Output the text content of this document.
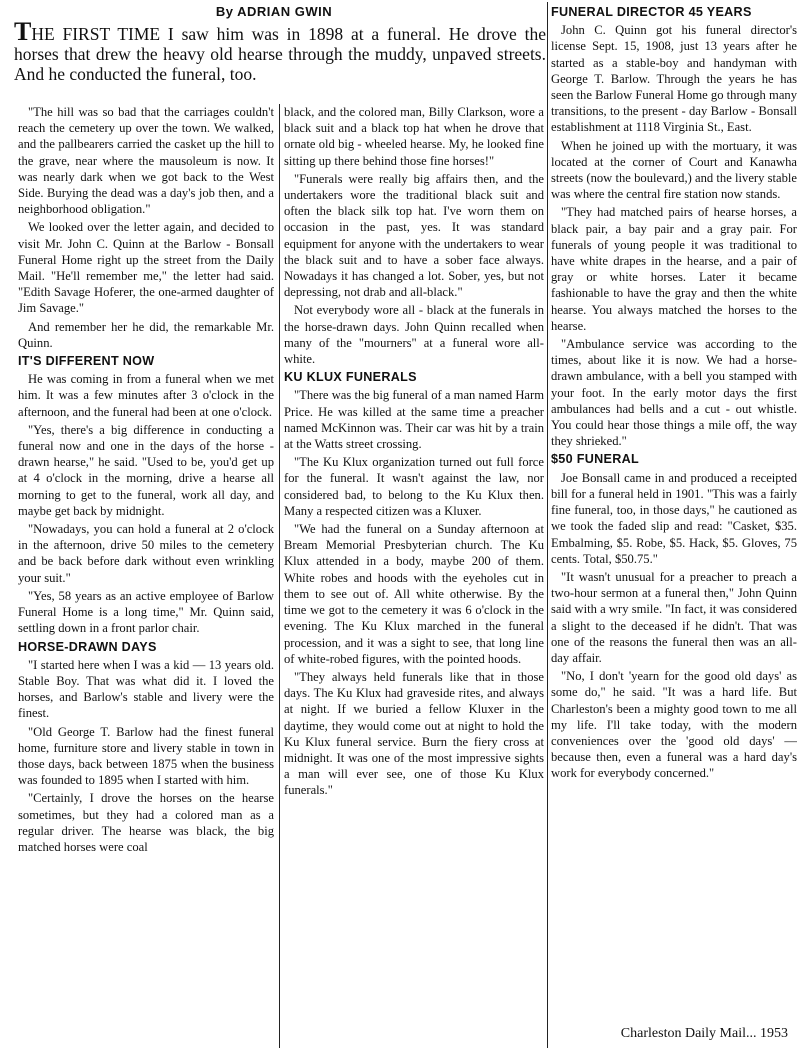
By ADRIAN GWIN

THE FIRST TIME I saw him was in 1898 at a funeral. He drove the horses that drew the heavy old hearse through the muddy, unpaved streets. And he conducted the funeral, too.

"The hill was so bad that the carriages couldn't reach the cemetery up over the town. We walked, and the pallbearers carried the casket up the hill to the grave, near where the mausoleum is now. It was nearly dark when we got back to the West Side. Burying the dead was a day's job then, and a neighborhood obligation."

We looked over the letter again, and decided to visit Mr. John C. Quinn at the Barlow - Bonsall Funeral Home right up the street from the Daily Mail. "He'll remember me," the letter had said. "Edith Savage Hoferer, the one-armed daughter of Jim Savage."

And remember her he did, the remarkable Mr. Quinn.

IT'S DIFFERENT NOW

He was coming in from a funeral when we met him. It was a few minutes after 3 o'clock in the afternoon, and the funeral had been at one o'clock.

"Yes, there's a big difference in conducting a funeral now and one in the days of the horse - drawn hearse," he said. "Used to be, you'd get up at 4 o'clock in the morning, drive a hearse all morning to get to the funeral, work all day, and maybe get back by midnight.

"Nowadays, you can hold a funeral at 2 o'clock in the afternoon, drive 50 miles to the cemetery and be back before dark without even wrinkling your suit."

"Yes, 58 years as an active employee of Barlow Funeral Home is a long time," Mr. Quinn said, settling down in a front parlor chair.

HORSE-DRAWN DAYS

"I started here when I was a kid — 13 years old. Stable Boy. That was what did it. I loved the horses, and Barlow's stable and livery were the finest.

"Old George T. Barlow had the finest funeral home, furniture store and livery stable in town in those days, back between 1875 when the business was founded to 1895 when I started with him.

"Certainly, I drove the horses on the hearse sometimes, but they had a colored man as a regular driver. The hearse was black, the big matched horses were coal

black, and the colored man, Billy Clarkson, wore a black suit and a black top hat when he drove that ornate old big - wheeled hearse. My, he looked fine sitting up there behind those fine horses!"

"Funerals were really big affairs then, and the undertakers wore the traditional black suit and often the black silk top hat. I've worn them on occasion in the past, yes. It was standard equipment for anyone with the undertakers to wear the black suit and to have a sober face always. Nowadays it has changed a lot. Sober, yes, but not depressing, not drab and all-black."

Not everybody wore all - black at the funerals in the horse-drawn days. John Quinn recalled when many of the "mourners" at a funeral wore all-white.

KU KLUX FUNERALS

"There was the big funeral of a man named Harm Price. He was killed at the same time a preacher named McKinnon was. Their car was hit by a train at the Watts street crossing.

"The Ku Klux organization turned out full force for the funeral. It wasn't against the law, nor considered bad, to belong to the Ku Klux then. Many a respected citizen was a Kluxer.

"We had the funeral on a Sunday afternoon at Bream Memorial Presbyterian church. The Ku Klux attended in a body, maybe 200 of them. White robes and hoods with the eyeholes cut in them to see out of. All white otherwise. By the time we got to the cemetery it was 6 o'clock in the evening. The Ku Klux marched in the funeral procession, and it was a sight to see, that long line of white-robed figures, with the pointed hoods.

"They always held funerals like that in those days. The Ku Klux had graveside rites, and always at night. If we buried a fellow Kluxer in the daytime, they would come out at night to hold the Ku Klux funeral service. Burn the fiery cross at midnight. It was one of the most impressive sights a man will ever see, one of those Ku Klux funerals."

FUNERAL DIRECTOR 45 YEARS

John C. Quinn got his funeral director's license Sept. 15, 1908, just 13 years after he started as a stable-boy and handyman with George T. Barlow. Through the years he has seen the Barlow Funeral Home go through many transitions, to the present - day Barlow - Bonsall establishment at 1118 Virginia St., East.

When he joined up with the mortuary, it was located at the corner of Court and Kanawha streets (now the boulevard,) and the livery stable was where the central fire station now stands.

"They had matched pairs of hearse horses, a black pair, a bay pair and a gray pair. For funerals of young people it was traditional to have white drapes in the hearse, and a pair of gray or white horses. Later it became fashionable to have the gray and then the white hearse. You always matched the horses to the hearse.

"Ambulance service was according to the times, about like it is now. We had a horse-drawn ambulance, with a bell you stamped with your foot. In the early motor days the first ambulances had bells and a cut - out whistle. You could hear those things a mile off, the way they shrieked."

$50 FUNERAL

Joe Bonsall came in and produced a receipted bill for a funeral held in 1901. "This was a fairly fine funeral, too, in those days," he cautioned as we took the faded slip and read: "Casket, $35. Embalming, $5. Robe, $5. Hack, $5. Gloves, 75 cents. Total, $50.75."

"It wasn't unusual for a preacher to preach a two-hour sermon at a funeral then," John Quinn said with a wry smile. "In fact, it was considered a slight to the deceased if he didn't. That was one of the reasons the funeral then was an all-day affair.

"No, I don't 'yearn for the good old days' as some do," he said. "It was a hard life. But Charleston's been a mighty good town to me all my life. I'll take today, with the modern conveniences over the 'good old days' — because then, even a funeral was a hard day's work for everybody concerned."

Charleston Daily Mail... 1953
